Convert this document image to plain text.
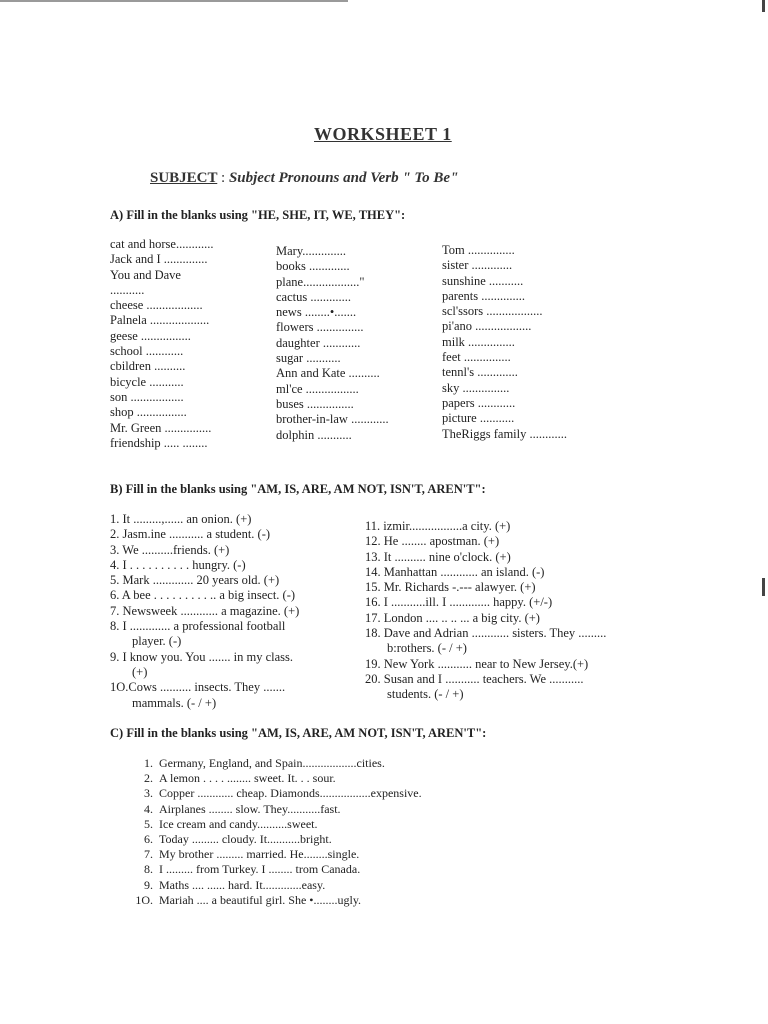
WORKSHEET 1
SUBJECT : Subject Pronouns and Verb " To Be"
A) Fill in the blanks using "HE, SHE, IT, WE, THEY":
cat and horse............
Jack and I ..............
You and Dave
...........
cheese ..................
Palnela ...................
geese ................
school ............
cbildren ..........
bicycle ...........
son .................
shop ................
Mr. Green ...............
friendship ..... ........
Mary..............
books .............
plane.................."
cactus .............
news ........•.......
flowers ...............
daughter ............
sugar ...........
Ann and Kate ..........
ml'ce .................
buses ...............
brother-in-law ............
dolphin ...........
Tom ...............
sister .............
sunshine ...........
parents ..............
scl'ssors ..................
pi'ano ..................
milk ...............
feet ...............
tennl's .............
sky ...............
papers ............
picture ...........
TheRiggs family ............
B) Fill in the blanks using "AM, IS, ARE, AM NOT, ISN'T, AREN'T":
1. It .........,...... an onion. (+)
2. Jasm.ine ........... a student. (-)
3. We ..........friends. (+)
4. I . . . . . . . . . . hungry. (-)
5. Mark ............. 20 years old. (+)
6. A bee . . . . . . . . . .. a big insect. (-)
7. Newsweek ............ a magazine. (+)
8. I ............. a professional football
player. (-)
9. I know you. You ....... in my class.
(+)
1O.Cows .......... insects. They .......
mammals. (- / +)
11. izmir.................a city. (+)
12. He ........ apostman. (+)
13. It .......... nine o'clock. (+)
14. Manhattan ............ an island. (-)
15. Mr. Richards -.--- alawyer. (+)
16. I ...........ill. I ............. happy. (+/-)
17. London .... .. .. ... a big city. (+)
18. Dave and Adrian ............ sisters. They .........
b:rothers. (- / +)
19. New York ........... near to New Jersey.(+)
20. Susan and I ........... teachers. We ...........
students. (- / +)
C) Fill in the blanks using "AM, IS, ARE, AM NOT, ISN'T, AREN'T":
1. Germany, England, and Spain..................cities.
2. A lemon . . . . ........ sweet. It. . . sour.
3. Copper ............ cheap. Diamonds.................expensive.
4. Airplanes ........ slow. They...........fast.
5. Ice cream and candy..........sweet.
6. Today ......... cloudy. It...........bright.
7. My brother ......... married. He........single.
8. I ......... from Turkey. I ........ trom Canada.
9. Maths .... ...... hard. It.............easy.
1O. Mariah .... a beautiful girl. She •........ugly.
